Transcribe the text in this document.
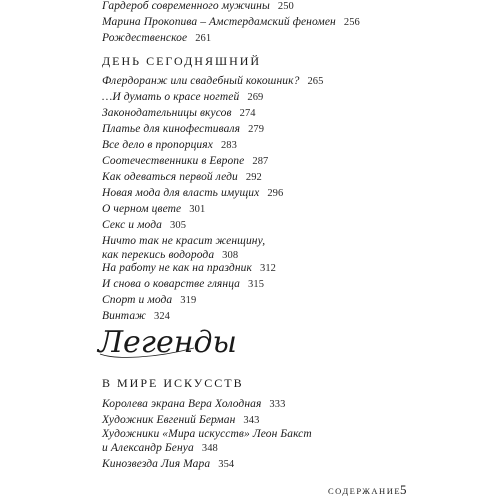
Гардероб современного мужчины 250
Марина Прокопива – Амстердамский феномен 256
Рождественское 261
ДЕНЬ СЕГОДНЯШНИЙ
Флердоранж или свадебный кокошник? 265
…И думать о красе ногтей 269
Законодательницы вкусов 274
Платье для кинофестиваля 279
Все дело в пропорциях 283
Соотечественники в Европе 287
Как одеваться первой леди 292
Новая мода для власть имущих 296
О черном цвете 301
Секс и мода 305
Ничто так не красит женщину,
как перекись водорода 308
На работу не как на праздник 312
И снова о коварстве глянца 315
Спорт и мода 319
Винтаж 324
Легенды
В МИРЕ ИСКУССТВ
Королева экрана Вера Холодная 333
Художник Евгений Берман 343
Художники «Мира искусств» Леон Бакст
и Александр Бенуа 348
Кинозвезда Лия Мара 354
СОДЕРЖАНИЕ
5
